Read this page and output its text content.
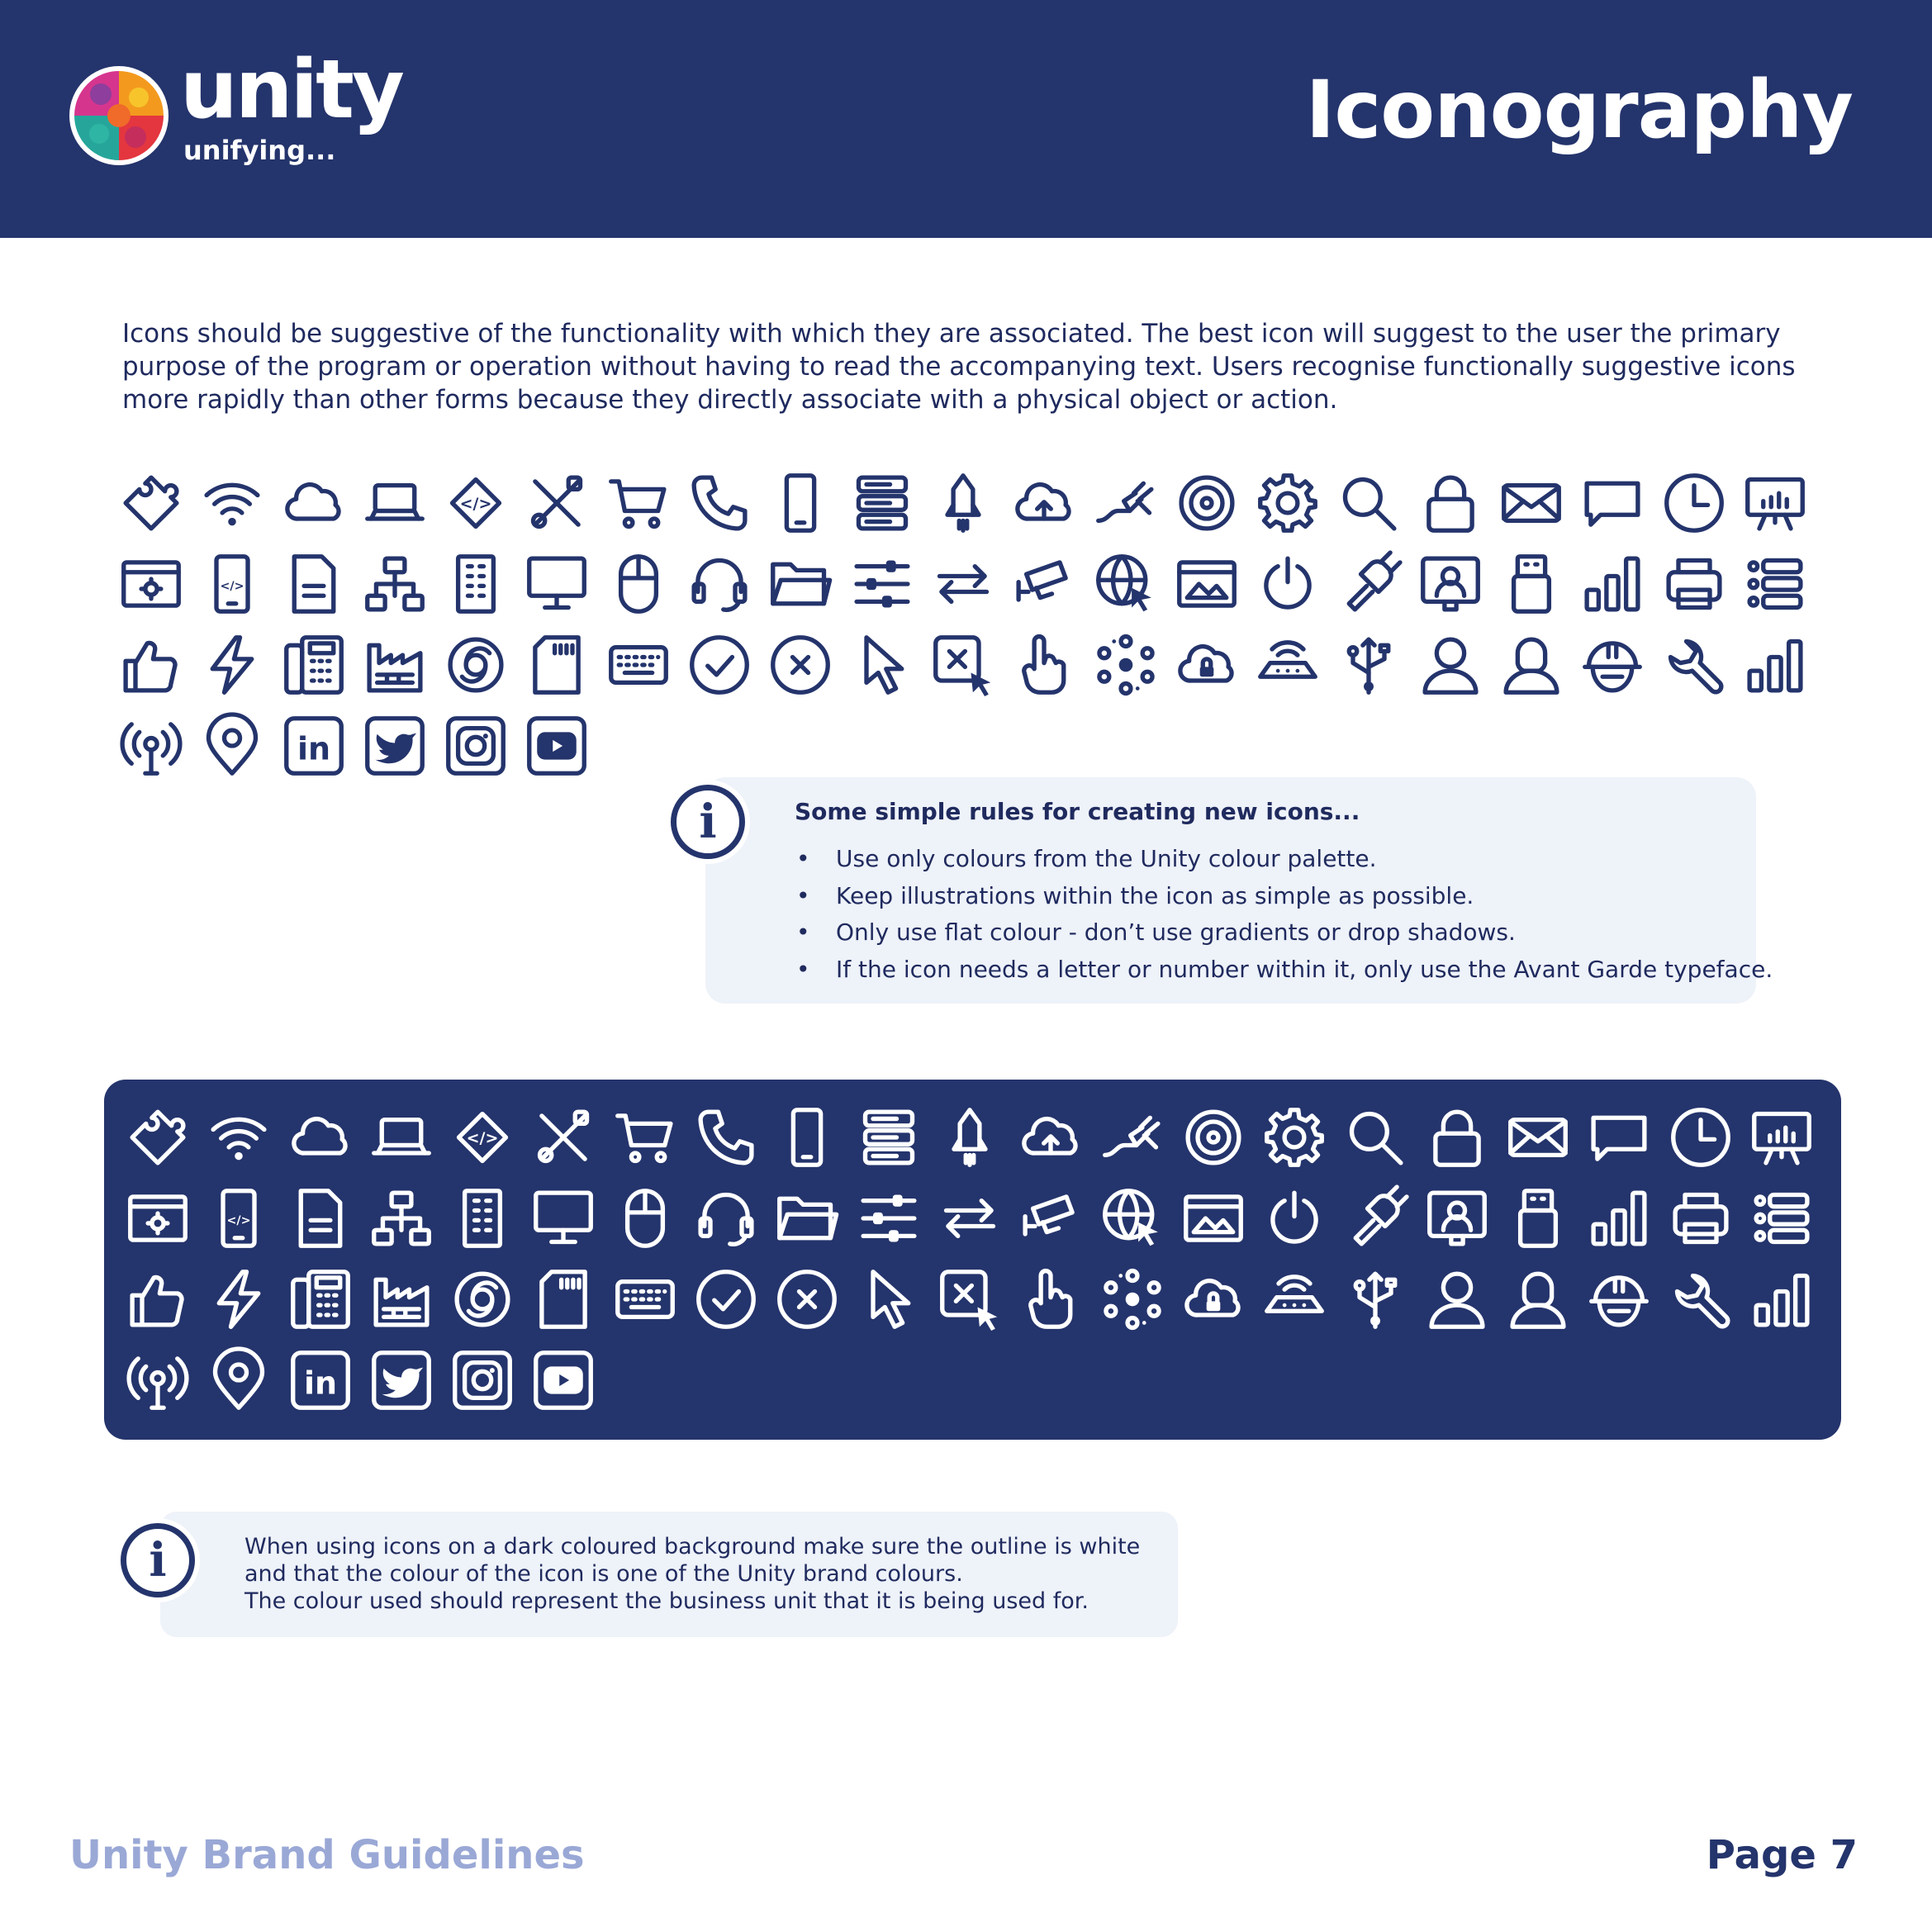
unity
unifying...	Iconography

Icons should be suggestive of the functionality with which they are associated. The best icon will suggest to the user the primary purpose of the program or operation without having to read the accompanying text. Users recognise functionally suggestive icons more rapidly than other forms because they directly associate with a physical object or action.

</>
</>
in
i	Some simple rules for creating new icons...
• Use only colours from the Unity colour palette.
• Keep illustrations within the icon as simple as possible.
• Only use flat colour - don’t use gradients or drop shadows.
• If the icon needs a letter or number within it, only use the Avant Garde typeface.
</>
</>
in
i	When using icons on a dark coloured background make sure the outline is white
and that the colour of the icon is one of the Unity brand colours.
The colour used should represent the business unit that it is being used for.
Unity Brand Guidelines	Page 7
